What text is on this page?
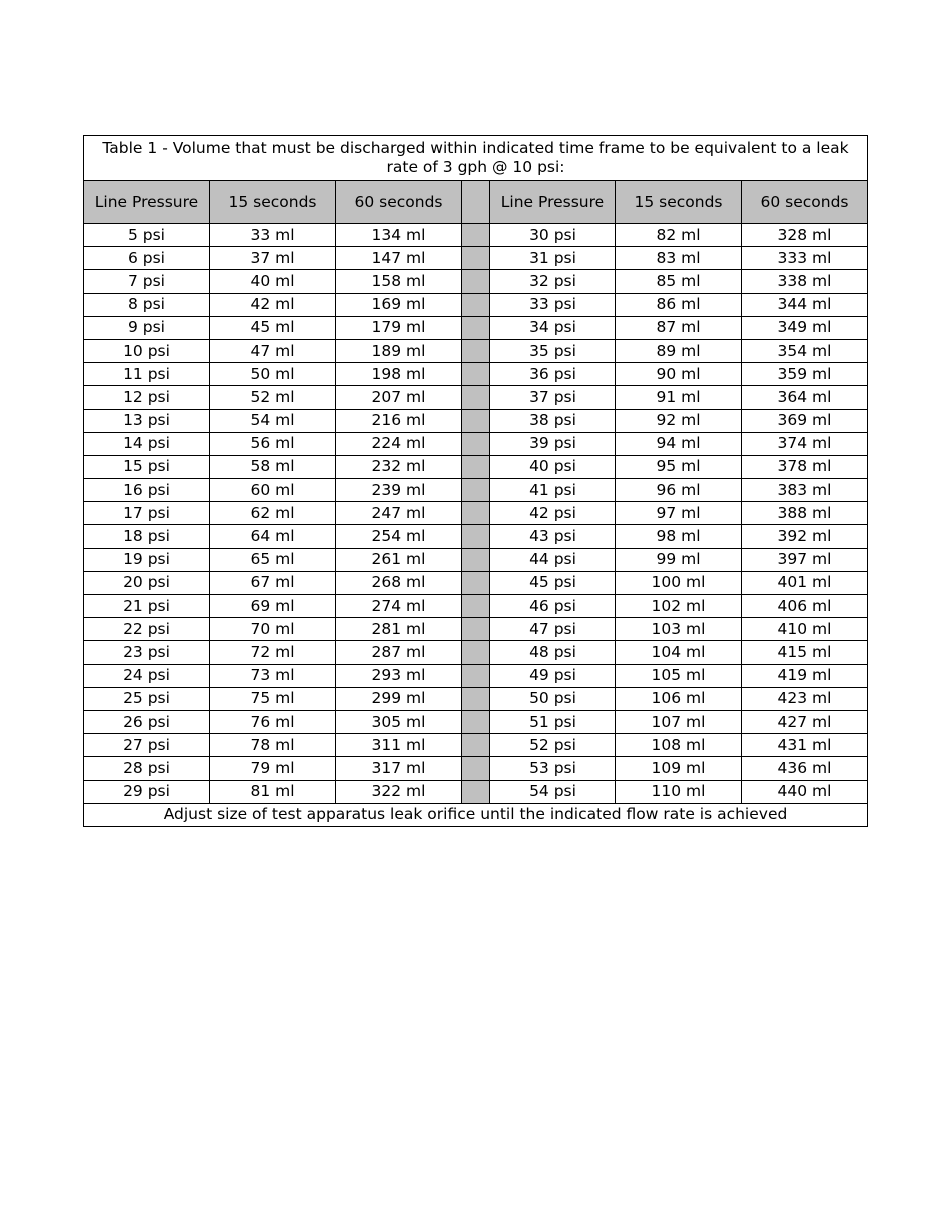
Table 1 - Volume that must be discharged within indicated time frame to be equivalent to a leak rate of 3 gph @ 10 psi:						
Line Pressure	15 seconds	60 seconds		Line Pressure	15 seconds	60 seconds
5 psi	33 ml	134 ml		30 psi	82 ml	328 ml
6 psi	37 ml	147 ml		31 psi	83 ml	333 ml
7 psi	40 ml	158 ml		32 psi	85 ml	338 ml
8 psi	42 ml	169 ml		33 psi	86 ml	344 ml
9 psi	45 ml	179 ml		34 psi	87 ml	349 ml
10 psi	47 ml	189 ml		35 psi	89 ml	354 ml
11 psi	50 ml	198 ml		36 psi	90 ml	359 ml
12 psi	52 ml	207 ml		37 psi	91 ml	364 ml
13 psi	54 ml	216 ml		38 psi	92 ml	369 ml
14 psi	56 ml	224 ml		39 psi	94 ml	374 ml
15 psi	58 ml	232 ml		40 psi	95 ml	378 ml
16 psi	60 ml	239 ml		41 psi	96 ml	383 ml
17 psi	62 ml	247 ml		42 psi	97 ml	388 ml
18 psi	64 ml	254 ml		43 psi	98 ml	392 ml
19 psi	65 ml	261 ml		44 psi	99 ml	397 ml
20 psi	67 ml	268 ml		45 psi	100 ml	401 ml
21 psi	69 ml	274 ml		46 psi	102 ml	406 ml
22 psi	70 ml	281 ml		47 psi	103 ml	410 ml
23 psi	72 ml	287 ml		48 psi	104 ml	415 ml
24 psi	73 ml	293 ml		49 psi	105 ml	419 ml
25 psi	75 ml	299 ml		50 psi	106 ml	423 ml
26 psi	76 ml	305 ml		51 psi	107 ml	427 ml
27 psi	78 ml	311 ml		52 psi	108 ml	431 ml
28 psi	79 ml	317 ml		53 psi	109 ml	436 ml
29 psi	81 ml	322 ml		54 psi	110 ml	440 ml
Adjust size of test apparatus leak orifice until the indicated flow rate is achieved						
